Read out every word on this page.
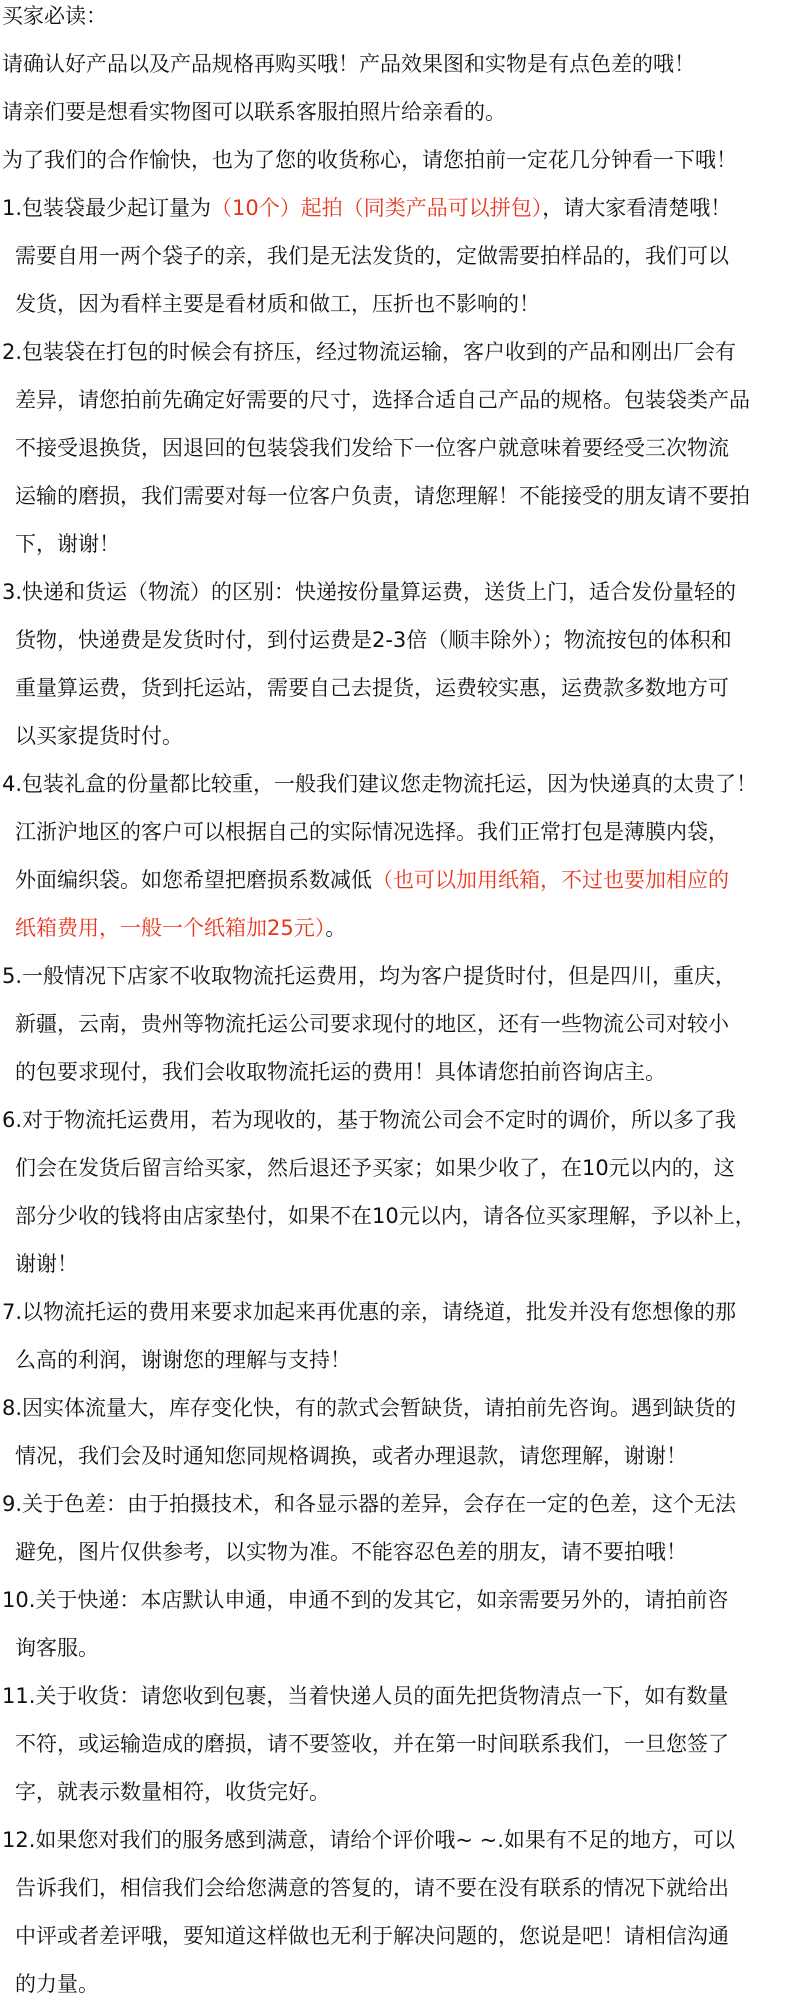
买家必读：
请确认好产品以及产品规格再购买哦！产品效果图和实物是有点色差的哦！
请亲们要是想看实物图可以联系客服拍照片给亲看的。
为了我们的合作愉快，也为了您的收货称心，请您拍前一定花几分钟看一下哦！
1.包装袋最少起订量为（10个）起拍（同类产品可以拼包），请大家看清楚哦！
需要自用一两个袋子的亲，我们是无法发货的，定做需要拍样品的，我们可以
发货，因为看样主要是看材质和做工，压折也不影响的！
2.包装袋在打包的时候会有挤压，经过物流运输，客户收到的产品和刚出厂会有
差异，请您拍前先确定好需要的尺寸，选择合适自己产品的规格。包装袋类产品
不接受退换货，因退回的包装袋我们发给下一位客户就意味着要经受三次物流
运输的磨损，我们需要对每一位客户负责，请您理解！不能接受的朋友请不要拍
下，谢谢！
3.快递和货运（物流）的区别：快递按份量算运费，送货上门，适合发份量轻的
货物，快递费是发货时付，到付运费是2-3倍（顺丰除外）；物流按包的体积和
重量算运费，货到托运站，需要自己去提货，运费较实惠，运费款多数地方可
以买家提货时付。
4.包装礼盒的份量都比较重，一般我们建议您走物流托运，因为快递真的太贵了！
江浙沪地区的客户可以根据自己的实际情况选择。我们正常打包是薄膜内袋，
外面编织袋。如您希望把磨损系数减低（也可以加用纸箱，不过也要加相应的
纸箱费用，一般一个纸箱加25元）。
5.一般情况下店家不收取物流托运费用，均为客户提货时付，但是四川，重庆，
新疆，云南，贵州等物流托运公司要求现付的地区，还有一些物流公司对较小
的包要求现付，我们会收取物流托运的费用！具体请您拍前咨询店主。
6.对于物流托运费用，若为现收的，基于物流公司会不定时的调价，所以多了我
们会在发货后留言给买家，然后退还予买家；如果少收了，在10元以内的，这
部分少收的钱将由店家垫付，如果不在10元以内，请各位买家理解，予以补上，
谢谢！
7.以物流托运的费用来要求加起来再优惠的亲，请绕道，批发并没有您想像的那
么高的利润，谢谢您的理解与支持！
8.因实体流量大，库存变化快，有的款式会暂缺货，请拍前先咨询。遇到缺货的
情况，我们会及时通知您同规格调换，或者办理退款，请您理解，谢谢！
9.关于色差：由于拍摄技术，和各显示器的差异，会存在一定的色差，这个无法
避免，图片仅供参考，以实物为准。不能容忍色差的朋友，请不要拍哦！
10.关于快递：本店默认申通，申通不到的发其它，如亲需要另外的，请拍前咨
询客服。
11.关于收货：请您收到包裹，当着快递人员的面先把货物清点一下，如有数量
不符，或运输造成的磨损，请不要签收，并在第一时间联系我们，一旦您签了
字，就表示数量相符，收货完好。
12.如果您对我们的服务感到满意，请给个评价哦~ ~.如果有不足的地方，可以
告诉我们，相信我们会给您满意的答复的，请不要在没有联系的情况下就给出
中评或者差评哦，要知道这样做也无利于解决问题的，您说是吧！请相信沟通
的力量。
